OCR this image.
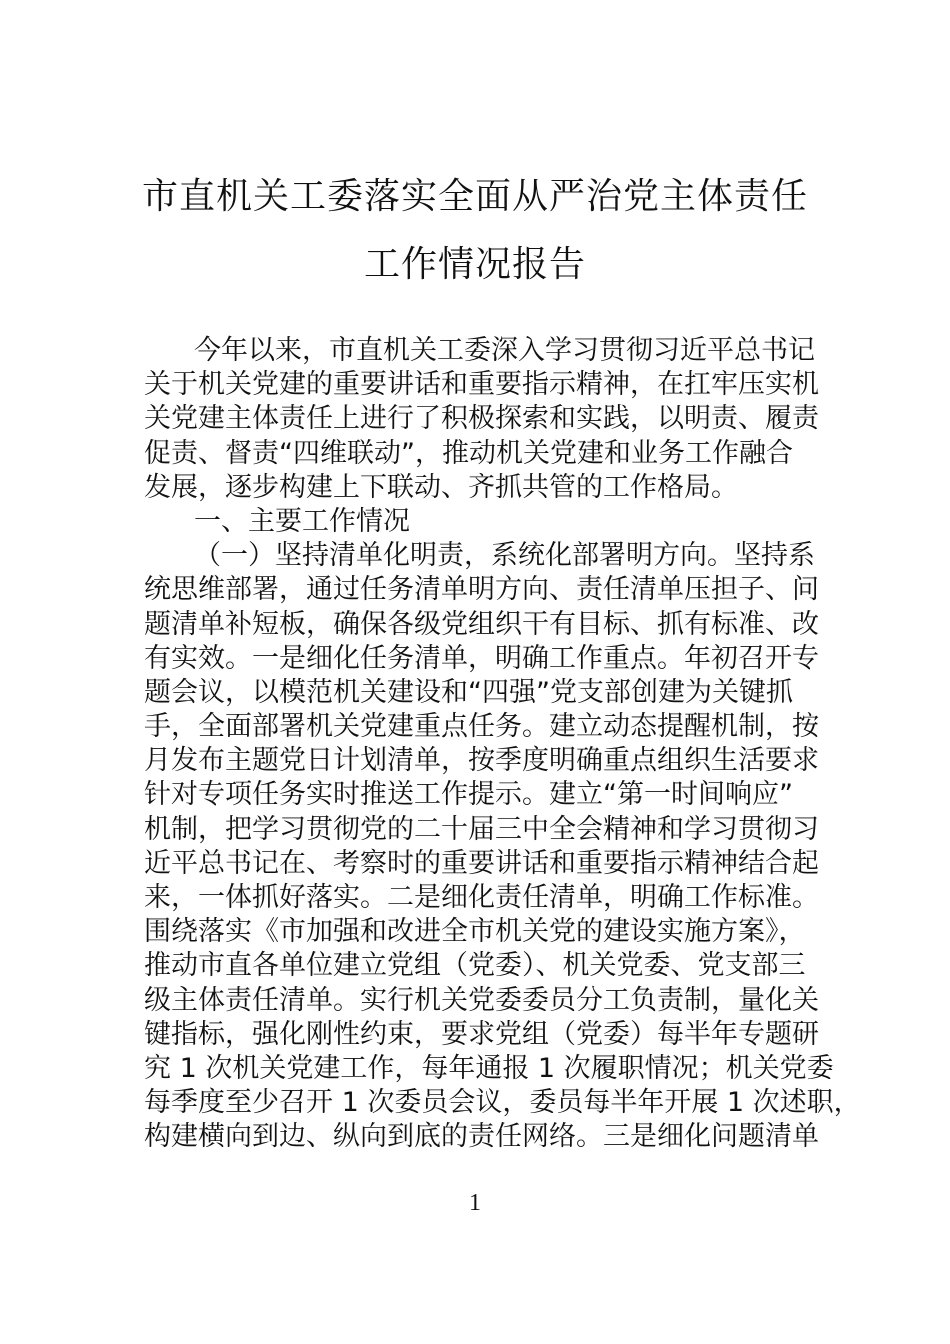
市直机关工委落实全面从严治党主体责任
工作情况报告
今年以来，市直机关工委深入学习贯彻习近平总书记
关于机关党建的重要讲话和重要指示精神，在扛牢压实机
关党建主体责任上进行了积极探索和实践，以明责、履责
促责、督责“四维联动”，推动机关党建和业务工作融合
发展，逐步构建上下联动、齐抓共管的工作格局。
一、主要工作情况
（一）坚持清单化明责，系统化部署明方向。坚持系
统思维部署，通过任务清单明方向、责任清单压担子、问
题清单补短板，确保各级党组织干有目标、抓有标准、改
有实效。一是细化任务清单，明确工作重点。年初召开专
题会议，以模范机关建设和“四强”党支部创建为关键抓
手，全面部署机关党建重点任务。建立动态提醒机制，按
月发布主题党日计划清单，按季度明确重点组织生活要求
针对专项任务实时推送工作提示。建立“第一时间响应”
机制，把学习贯彻党的二十届三中全会精神和学习贯彻习
近平总书记在、考察时的重要讲话和重要指示精神结合起
来，一体抓好落实。二是细化责任清单，明确工作标准。
围绕落实《市加强和改进全市机关党的建设实施方案》，
推动市直各单位建立党组（党委）、机关党委、党支部三
级主体责任清单。实行机关党委委员分工负责制，量化关
键指标，强化刚性约束，要求党组（党委）每半年专题研
究 1 次机关党建工作，每年通报 1 次履职情况；机关党委
每季度至少召开 1 次委员会议，委员每半年开展 1 次述职，
构建横向到边、纵向到底的责任网络。三是细化问题清单
1
